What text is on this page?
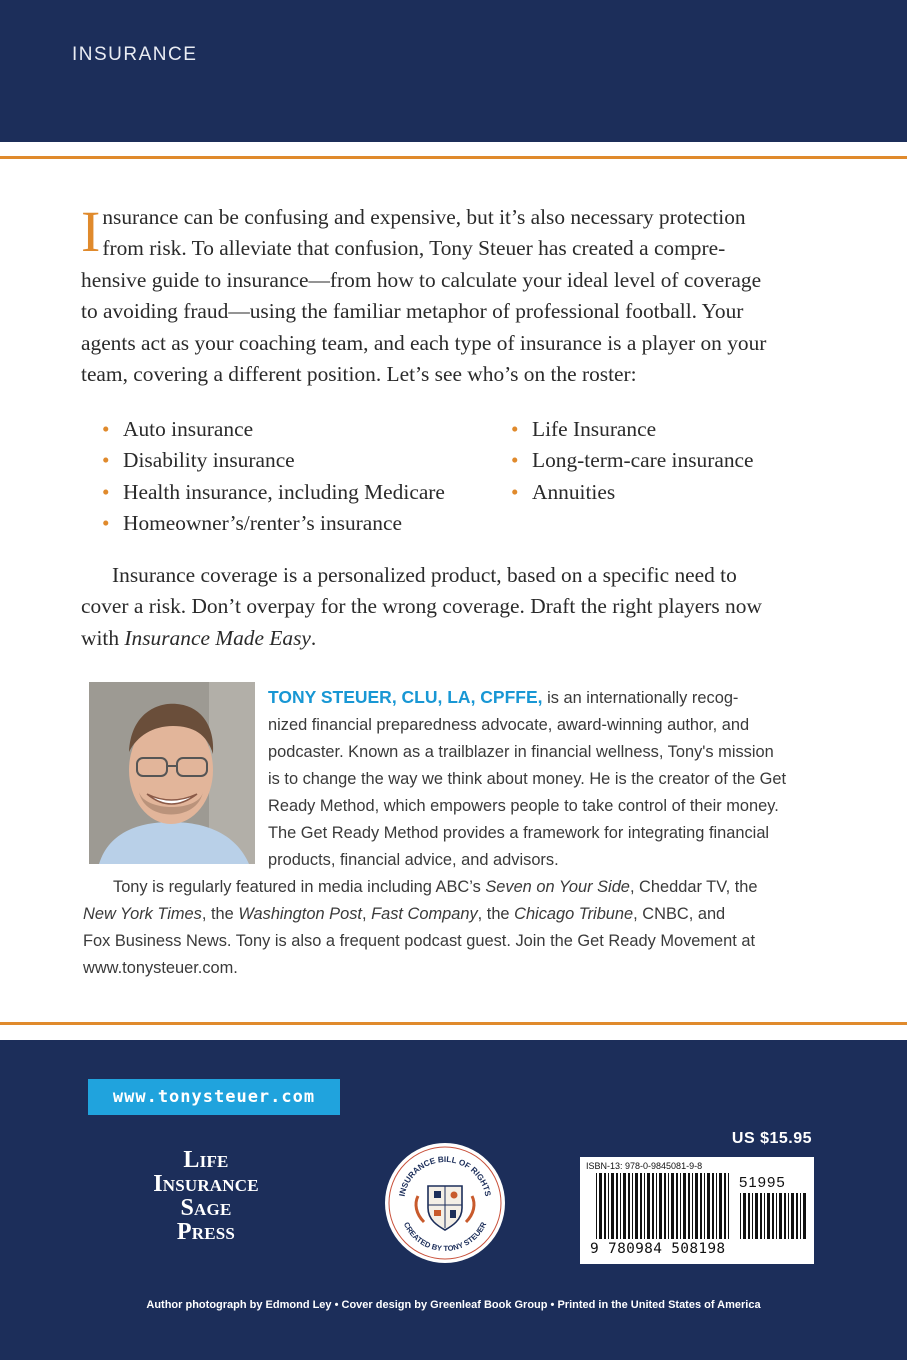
INSURANCE
I nsurance can be confusing and expensive, but it’s also necessary protection
from risk. To alleviate that confusion, Tony Steuer has created a compre-
hensive guide to insurance—from how to calculate your ideal level of coverage
to avoiding fraud—using the familiar metaphor of professional football. Your
agents act as your coaching team, and each type of insurance is a player on your
team, covering a different position. Let’s see who’s on the roster:
• Auto insurance
• Disability insurance
• Health insurance, including Medicare
• Homeowner’s/renter’s insurance
• Life Insurance
• Long-term-care insurance
• Annuities
Insurance coverage is a personalized product, based on a specific need to
cover a risk. Don’t overpay for the wrong coverage. Draft the right players now
with Insurance Made Easy.
TONY STEUER, CLU, LA, CPFFE, is an internationally recog-
nized financial preparedness advocate, award-winning author, and
podcaster. Known as a trailblazer in financial wellness, Tony's mission
is to change the way we think about money. He is the creator of the Get
Ready Method, which empowers people to take control of their money.
The Get Ready Method provides a framework for integrating financial
products, financial advice, and advisors.
Tony is regularly featured in media including ABC’s Seven on Your Side, Cheddar TV, the
New York Times, the Washington Post, Fast Company, the Chicago Tribune, CNBC, and
Fox Business News. Tony is also a frequent podcast guest. Join the Get Ready Movement at
www.tonysteuer.com.
www.tonysteuer.com
Life
Insurance
Sage
Press
INSURANCE BILL OF RIGHTS
CREATED BY TONY STEUER
US $15.95
ISBN-13: 978-0-9845081-9-8
51995
9 780984 508198
Author photograph by Edmond Ley • Cover design by Greenleaf Book Group • Printed in the United States of America
